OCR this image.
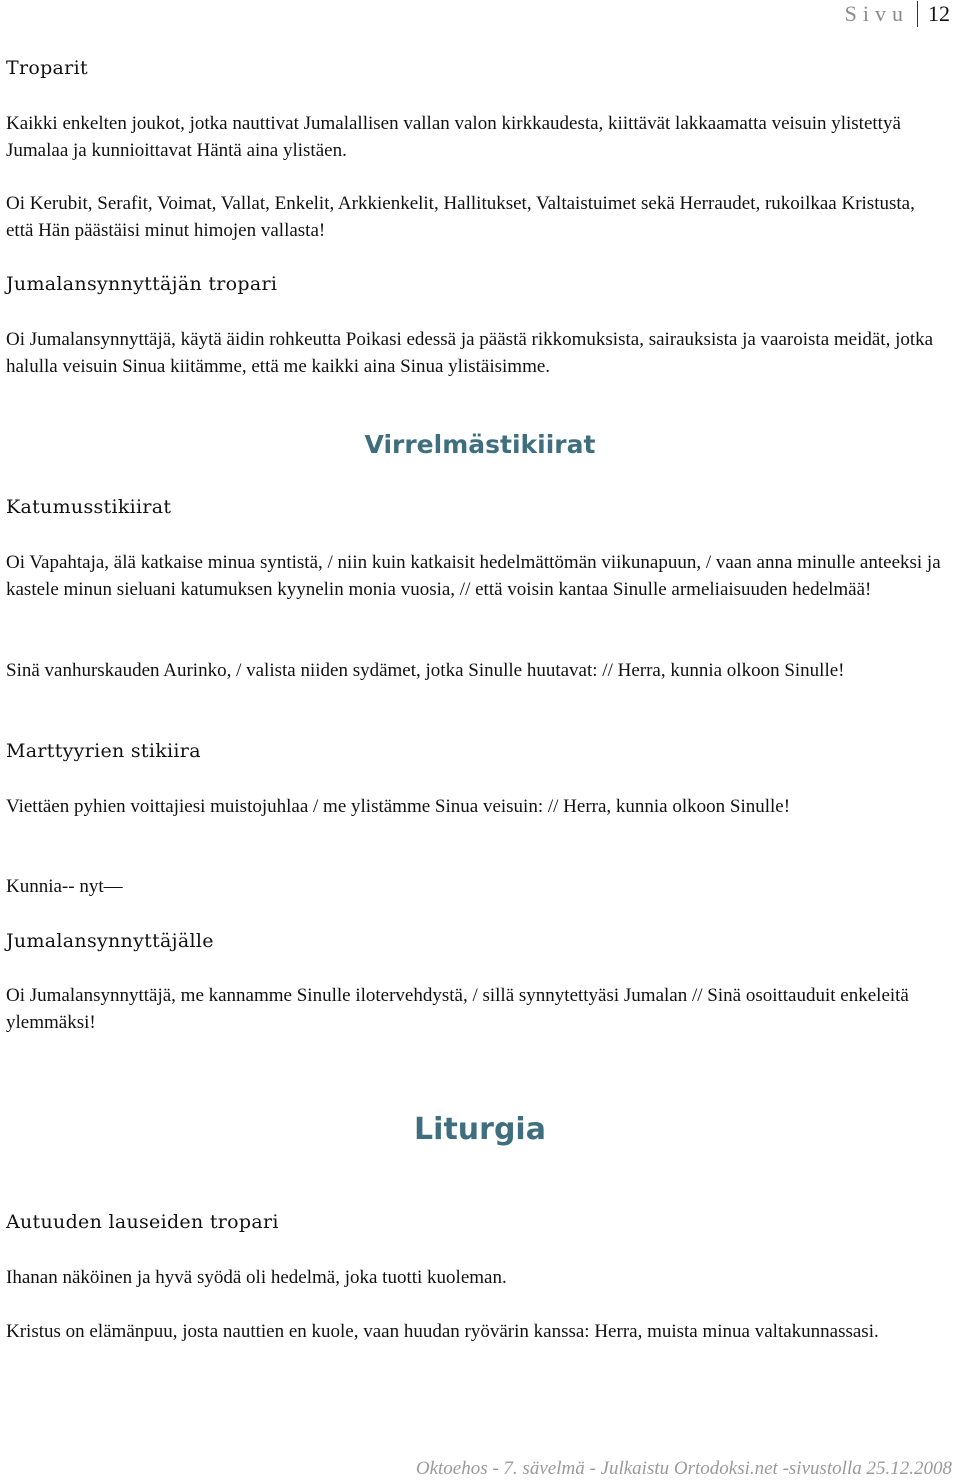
Sivu 12
Troparit

Kaikki enkelten joukot, jotka nauttivat Jumalallisen vallan valon kirkkaudesta, kiittävät lakkaamatta veisuin ylistettyä Jumalaa ja kunnioittavat Häntä aina ylistäen.

Oi Kerubit, Serafit, Voimat, Vallat, Enkelit, Arkkienkelit, Hallitukset, Valtaistuimet sekä Herraudet, rukoilkaa Kristusta, että Hän päästäisi minut himojen vallasta!

Jumalansynnyttäjän tropari

Oi Jumalansynnyttäjä, käytä äidin rohkeutta Poikasi edessä ja päästä rikkomuksista, sairauksista ja vaaroista meidät, jotka halulla veisuin Sinua kiitämme, että me kaikki aina Sinua ylistäisimme.

Virrelmästikiirat
Katumusstikiirat

Oi Vapahtaja, älä katkaise minua syntistä, / niin kuin katkaisit hedelmättömän viikunapuun, / vaan anna minulle anteeksi ja kastele minun sieluani katumuksen kyynelin monia vuosia, // että voisin kantaa Sinulle armeliaisuuden hedelmää!

Sinä vanhurskauden Aurinko, / valista niiden sydämet, jotka Sinulle huutavat: // Herra, kunnia olkoon Sinulle!

Marttyyrien stikiira

Viettäen pyhien voittajiesi muistojuhlaa / me ylistämme Sinua veisuin: // Herra, kunnia olkoon Sinulle!

Kunnia-- nyt—

Jumalansynnyttäjälle

Oi Jumalansynnyttäjä, me kannamme Sinulle ilotervehdystä, / sillä synnytettyäsi Jumalan // Sinä osoittauduit enkeleitä ylemmäksi!

Liturgia
Autuuden lauseiden tropari

Ihanan näköinen ja hyvä syödä oli hedelmä, joka tuotti kuoleman.

Kristus on elämänpuu, josta nauttien en kuole, vaan huudan ryövärin kanssa: Herra, muista minua valtakunnassasi.

Oktoehos - 7. sävelmä - Julkaistu Ortodoksi.net -sivustolla 25.12.2008
